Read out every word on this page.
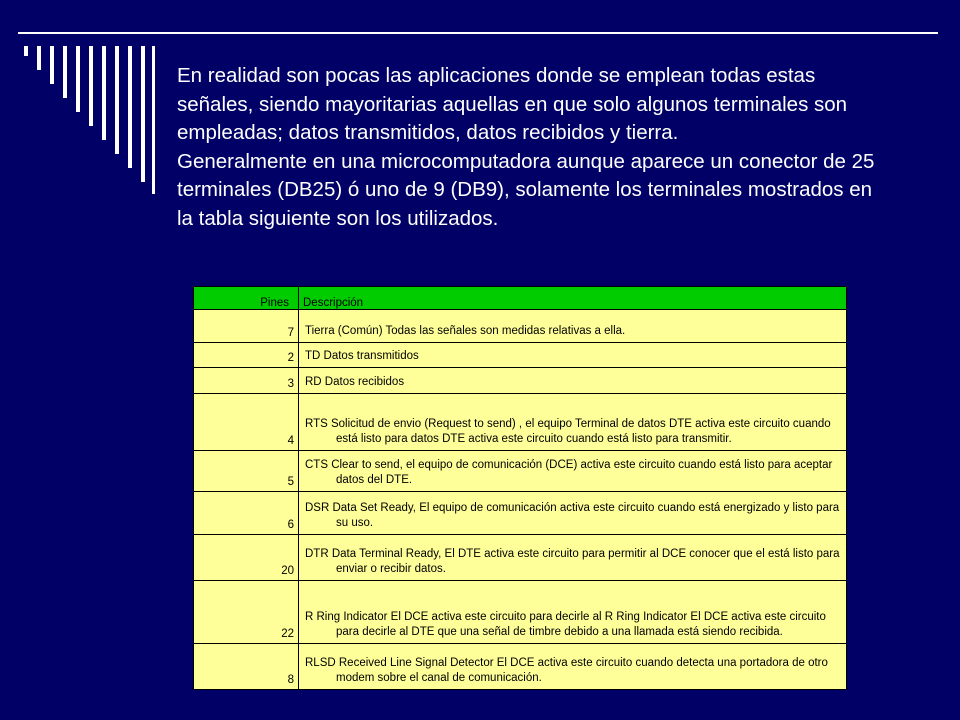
En realidad son pocas las aplicaciones donde se emplean todas estas señales, siendo mayoritarias aquellas en que solo algunos terminales son empleadas; datos transmitidos, datos recibidos y tierra.

Generalmente en una microcomputadora aunque aparece un conector de 25 terminales (DB25) ó uno de 9 (DB9), solamente los terminales mostrados en la tabla siguiente son los utilizados.

Pines	Descripción
7	Tierra (Común) Todas las señales son medidas relativas a ella.

2	TD Datos transmitidos

3	RD Datos recibidos

4	RTS Solicitud de envio (Request to send) , el equipo Terminal de datos DTE activa este circuito cuando está listo para datos DTE activa este circuito cuando está listo para transmitir.

5	CTS Clear to send, el equipo de comunicación (DCE) activa este circuito cuando está listo para aceptar datos del DTE.

6	DSR Data Set Ready, El equipo de comunicación activa este circuito cuando está energizado y listo para su uso.

20	DTR Data Terminal Ready, El DTE activa este circuito para permitir al DCE conocer que el está listo para enviar o recibir datos.

22	R Ring Indicator El DCE activa este circuito para decirle al R Ring Indicator El DCE activa este circuito para decirle al DTE que una señal de timbre debido a una llamada está siendo recibida.

8	RLSD Received Line Signal Detector El DCE activa este circuito cuando detecta una portadora de otro modem sobre el canal de comunicación.
